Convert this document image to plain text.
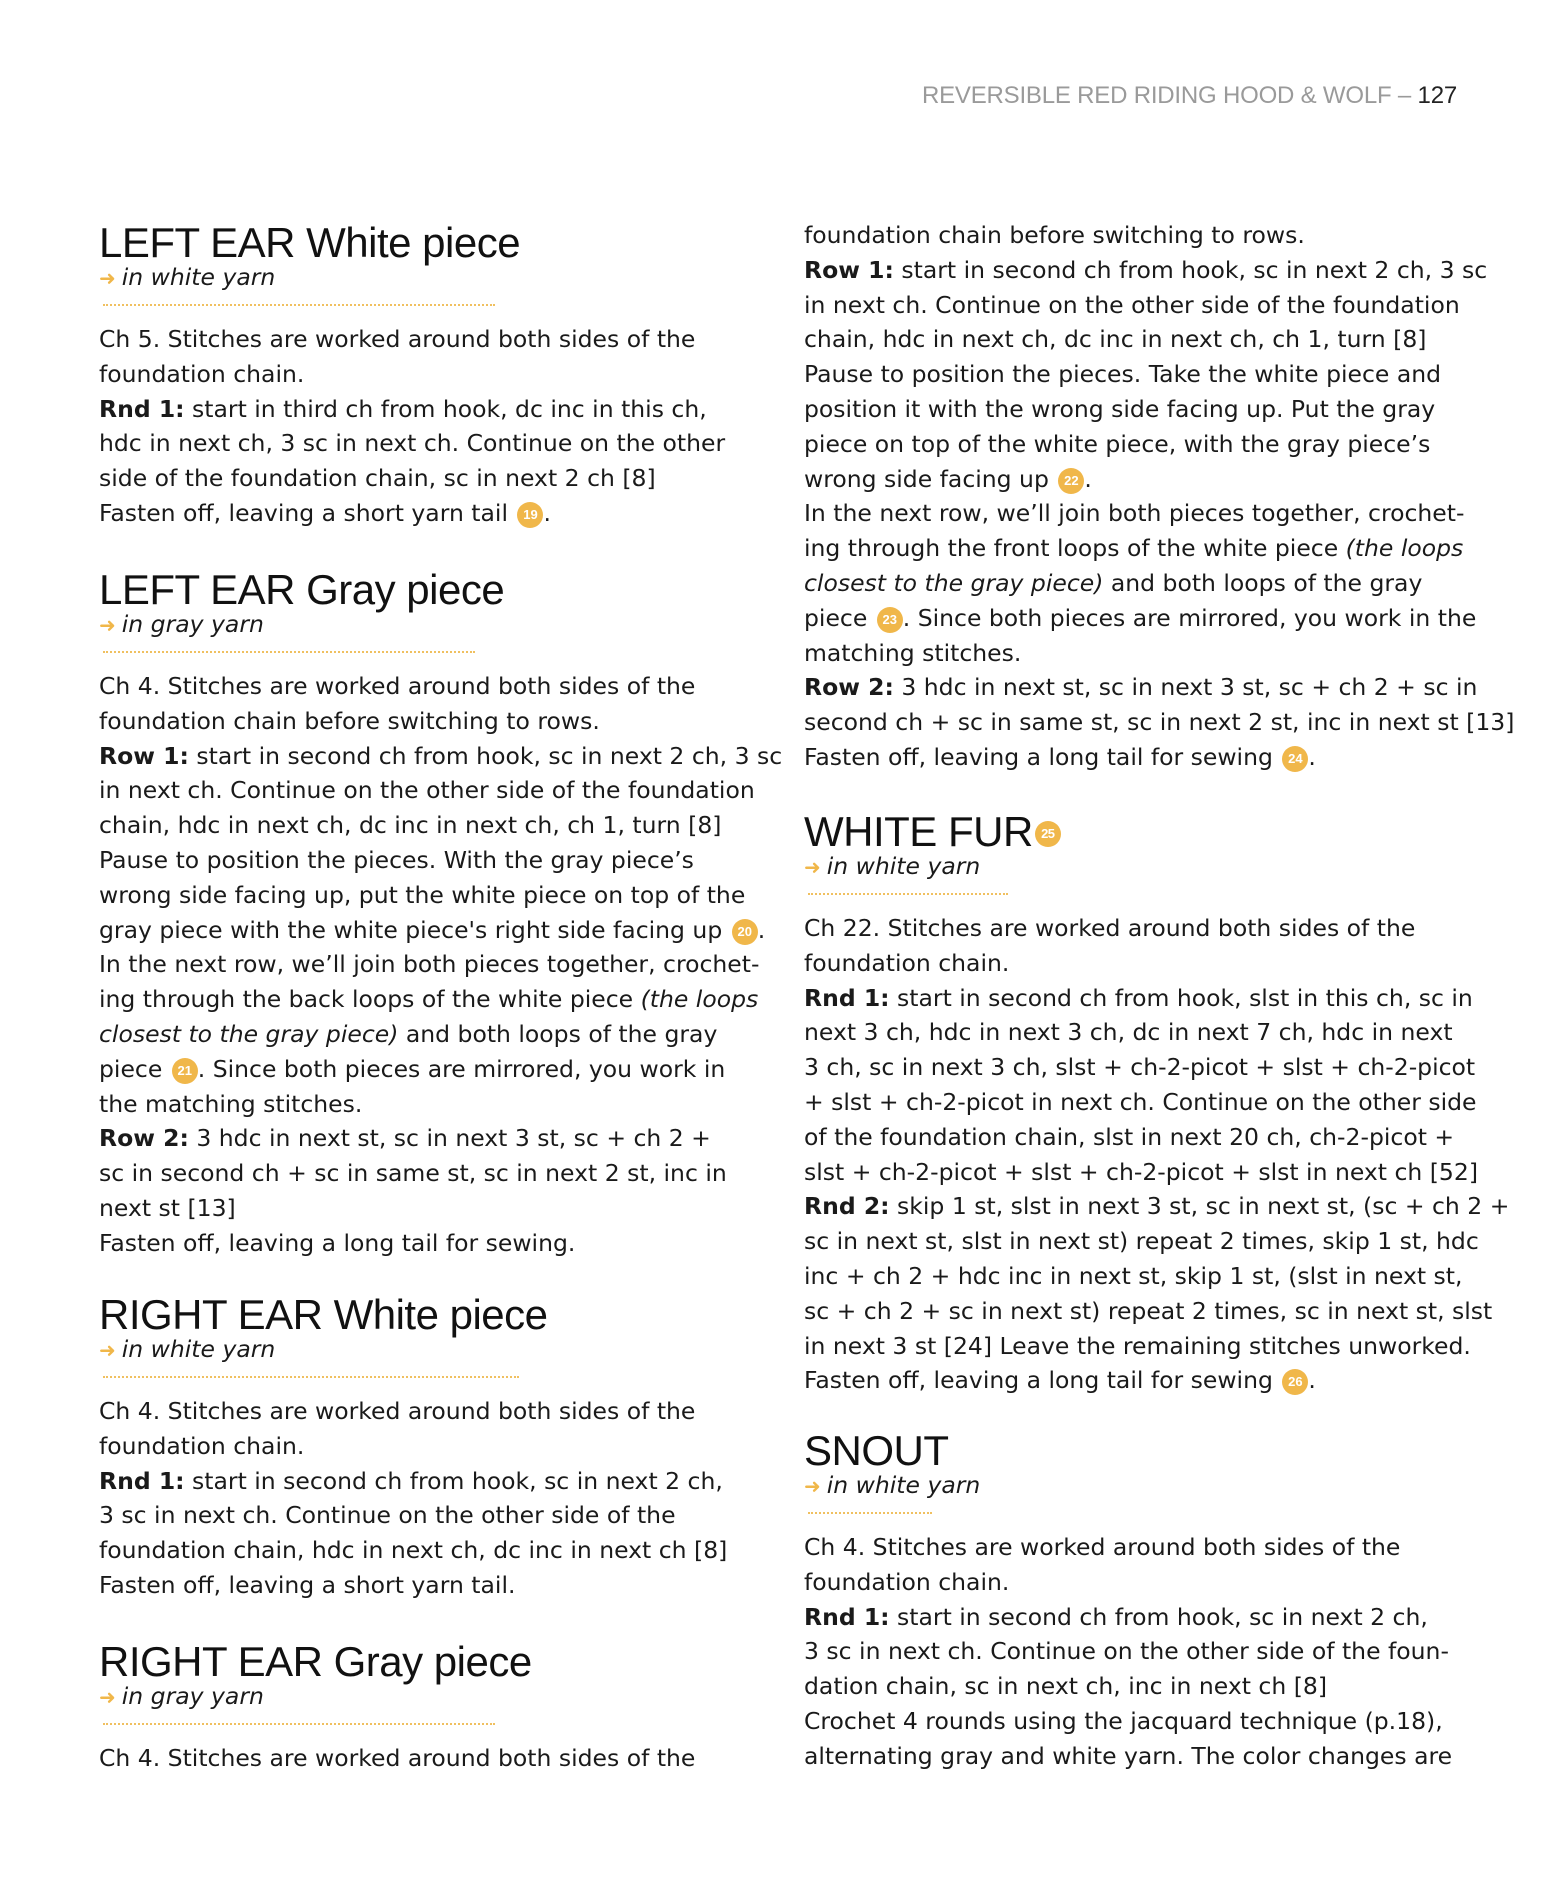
REVERSIBLE RED RIDING HOOD & WOLF – 127
LEFT EAR White piece
➜ in white yarn

Ch 5. Stitches are worked around both sides of the

foundation chain.

Rnd 1: start in third ch from hook, dc inc in this ch,

hdc in next ch, 3 sc in next ch. Continue on the other

side of the foundation chain, sc in next 2 ch [8]

Fasten off, leaving a short yarn tail 19 .

LEFT EAR Gray piece
➜ in gray yarn

Ch 4. Stitches are worked around both sides of the

foundation chain before switching to rows.

Row 1: start in second ch from hook, sc in next 2 ch, 3 sc

in next ch. Continue on the other side of the foundation

chain, hdc in next ch, dc inc in next ch, ch 1, turn [8]

Pause to position the pieces. With the gray piece’s

wrong side facing up, put the white piece on top of the

gray piece with the white piece's right side facing up 20 .

In the next row, we’ll join both pieces together, crochet-

ing through the back loops of the white piece (the loops

closest to the gray piece) and both loops of the gray

piece 21 . Since both pieces are mirrored, you work in

the matching stitches.

Row 2: 3 hdc in next st, sc in next 3 st, sc + ch 2 +

sc in second ch + sc in same st, sc in next 2 st, inc in

next st [13]

Fasten off, leaving a long tail for sewing.

RIGHT EAR White piece
➜ in white yarn

Ch 4. Stitches are worked around both sides of the

foundation chain.

Rnd 1: start in second ch from hook, sc in next 2 ch,

3 sc in next ch. Continue on the other side of the

foundation chain, hdc in next ch, dc inc in next ch [8]

Fasten off, leaving a short yarn tail.

RIGHT EAR Gray piece
➜ in gray yarn

Ch 4. Stitches are worked around both sides of the

foundation chain before switching to rows.

Row 1: start in second ch from hook, sc in next 2 ch, 3 sc

in next ch. Continue on the other side of the foundation

chain, hdc in next ch, dc inc in next ch, ch 1, turn [8]

Pause to position the pieces. Take the white piece and

position it with the wrong side facing up. Put the gray

piece on top of the white piece, with the gray piece’s

wrong side facing up 22 .

In the next row, we’ll join both pieces together, crochet-

ing through the front loops of the white piece (the loops

closest to the gray piece) and both loops of the gray

piece 23 . Since both pieces are mirrored, you work in the

matching stitches.

Row 2: 3 hdc in next st, sc in next 3 st, sc + ch 2 + sc in

second ch + sc in same st, sc in next 2 st, inc in next st [13]

Fasten off, leaving a long tail for sewing 24 .

WHITE FUR 25
➜ in white yarn

Ch 22. Stitches are worked around both sides of the

foundation chain.

Rnd 1: start in second ch from hook, slst in this ch, sc in

next 3 ch, hdc in next 3 ch, dc in next 7 ch, hdc in next

3 ch, sc in next 3 ch, slst + ch-2-picot + slst + ch-2-picot

+ slst + ch-2-picot in next ch. Continue on the other side

of the foundation chain, slst in next 20 ch, ch-2-picot +

slst + ch-2-picot + slst + ch-2-picot + slst in next ch [52]

Rnd 2: skip 1 st, slst in next 3 st, sc in next st, (sc + ch 2 +

sc in next st, slst in next st) repeat 2 times, skip 1 st, hdc

inc + ch 2 + hdc inc in next st, skip 1 st, (slst in next st,

sc + ch 2 + sc in next st) repeat 2 times, sc in next st, slst

in next 3 st [24] Leave the remaining stitches unworked.

Fasten off, leaving a long tail for sewing 26 .

SNOUT
➜ in white yarn

Ch 4. Stitches are worked around both sides of the

foundation chain.

Rnd 1: start in second ch from hook, sc in next 2 ch,

3 sc in next ch. Continue on the other side of the foun-

dation chain, sc in next ch, inc in next ch [8]

Crochet 4 rounds using the jacquard technique (p.18),

alternating gray and white yarn. The color changes are
